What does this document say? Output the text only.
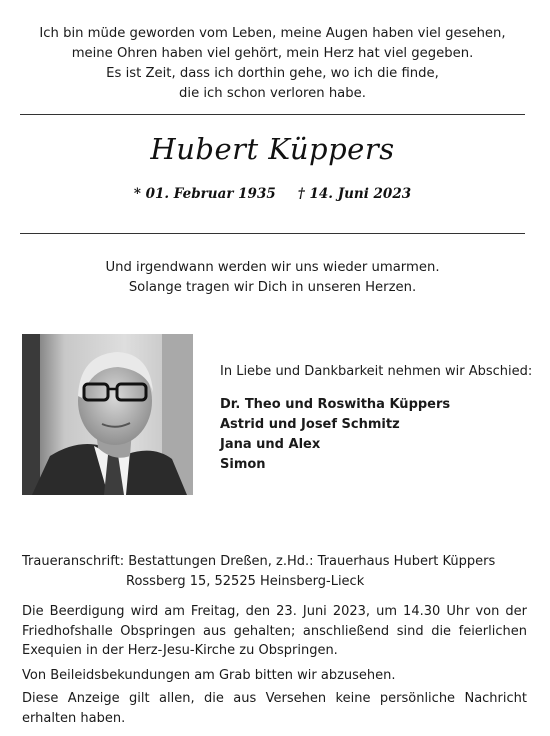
Ich bin müde geworden vom Leben, meine Augen haben viel gesehen,
meine Ohren haben viel gehört, mein Herz hat viel gegeben.
Es ist Zeit, dass ich dorthin gehe, wo ich die finde,
die ich schon verloren habe.
Hubert Küppers
* 01. Februar 1935 † 14. Juni 2023
Und irgendwann werden wir uns wieder umarmen.
Solange tragen wir Dich in unseren Herzen.
In Liebe und Dankbarkeit nehmen wir Abschied:
Dr. Theo und Roswitha Küppers
Astrid und Josef Schmitz
Jana und Alex
Simon
Traueranschrift: Bestattungen Dreßen, z.Hd.: Trauerhaus Hubert Küppers
Rossberg 15, 52525 Heinsberg-Lieck
Die Beerdigung wird am Freitag, den 23. Juni 2023, um 14.30 Uhr von der Friedhofshalle Obspringen aus gehalten; anschließend sind die feierlichen Exequien in der Herz-Jesu-Kirche zu Obspringen.
Von Beileidsbekundungen am Grab bitten wir abzusehen.
Diese Anzeige gilt allen, die aus Versehen keine persönliche Nachricht erhalten haben.
